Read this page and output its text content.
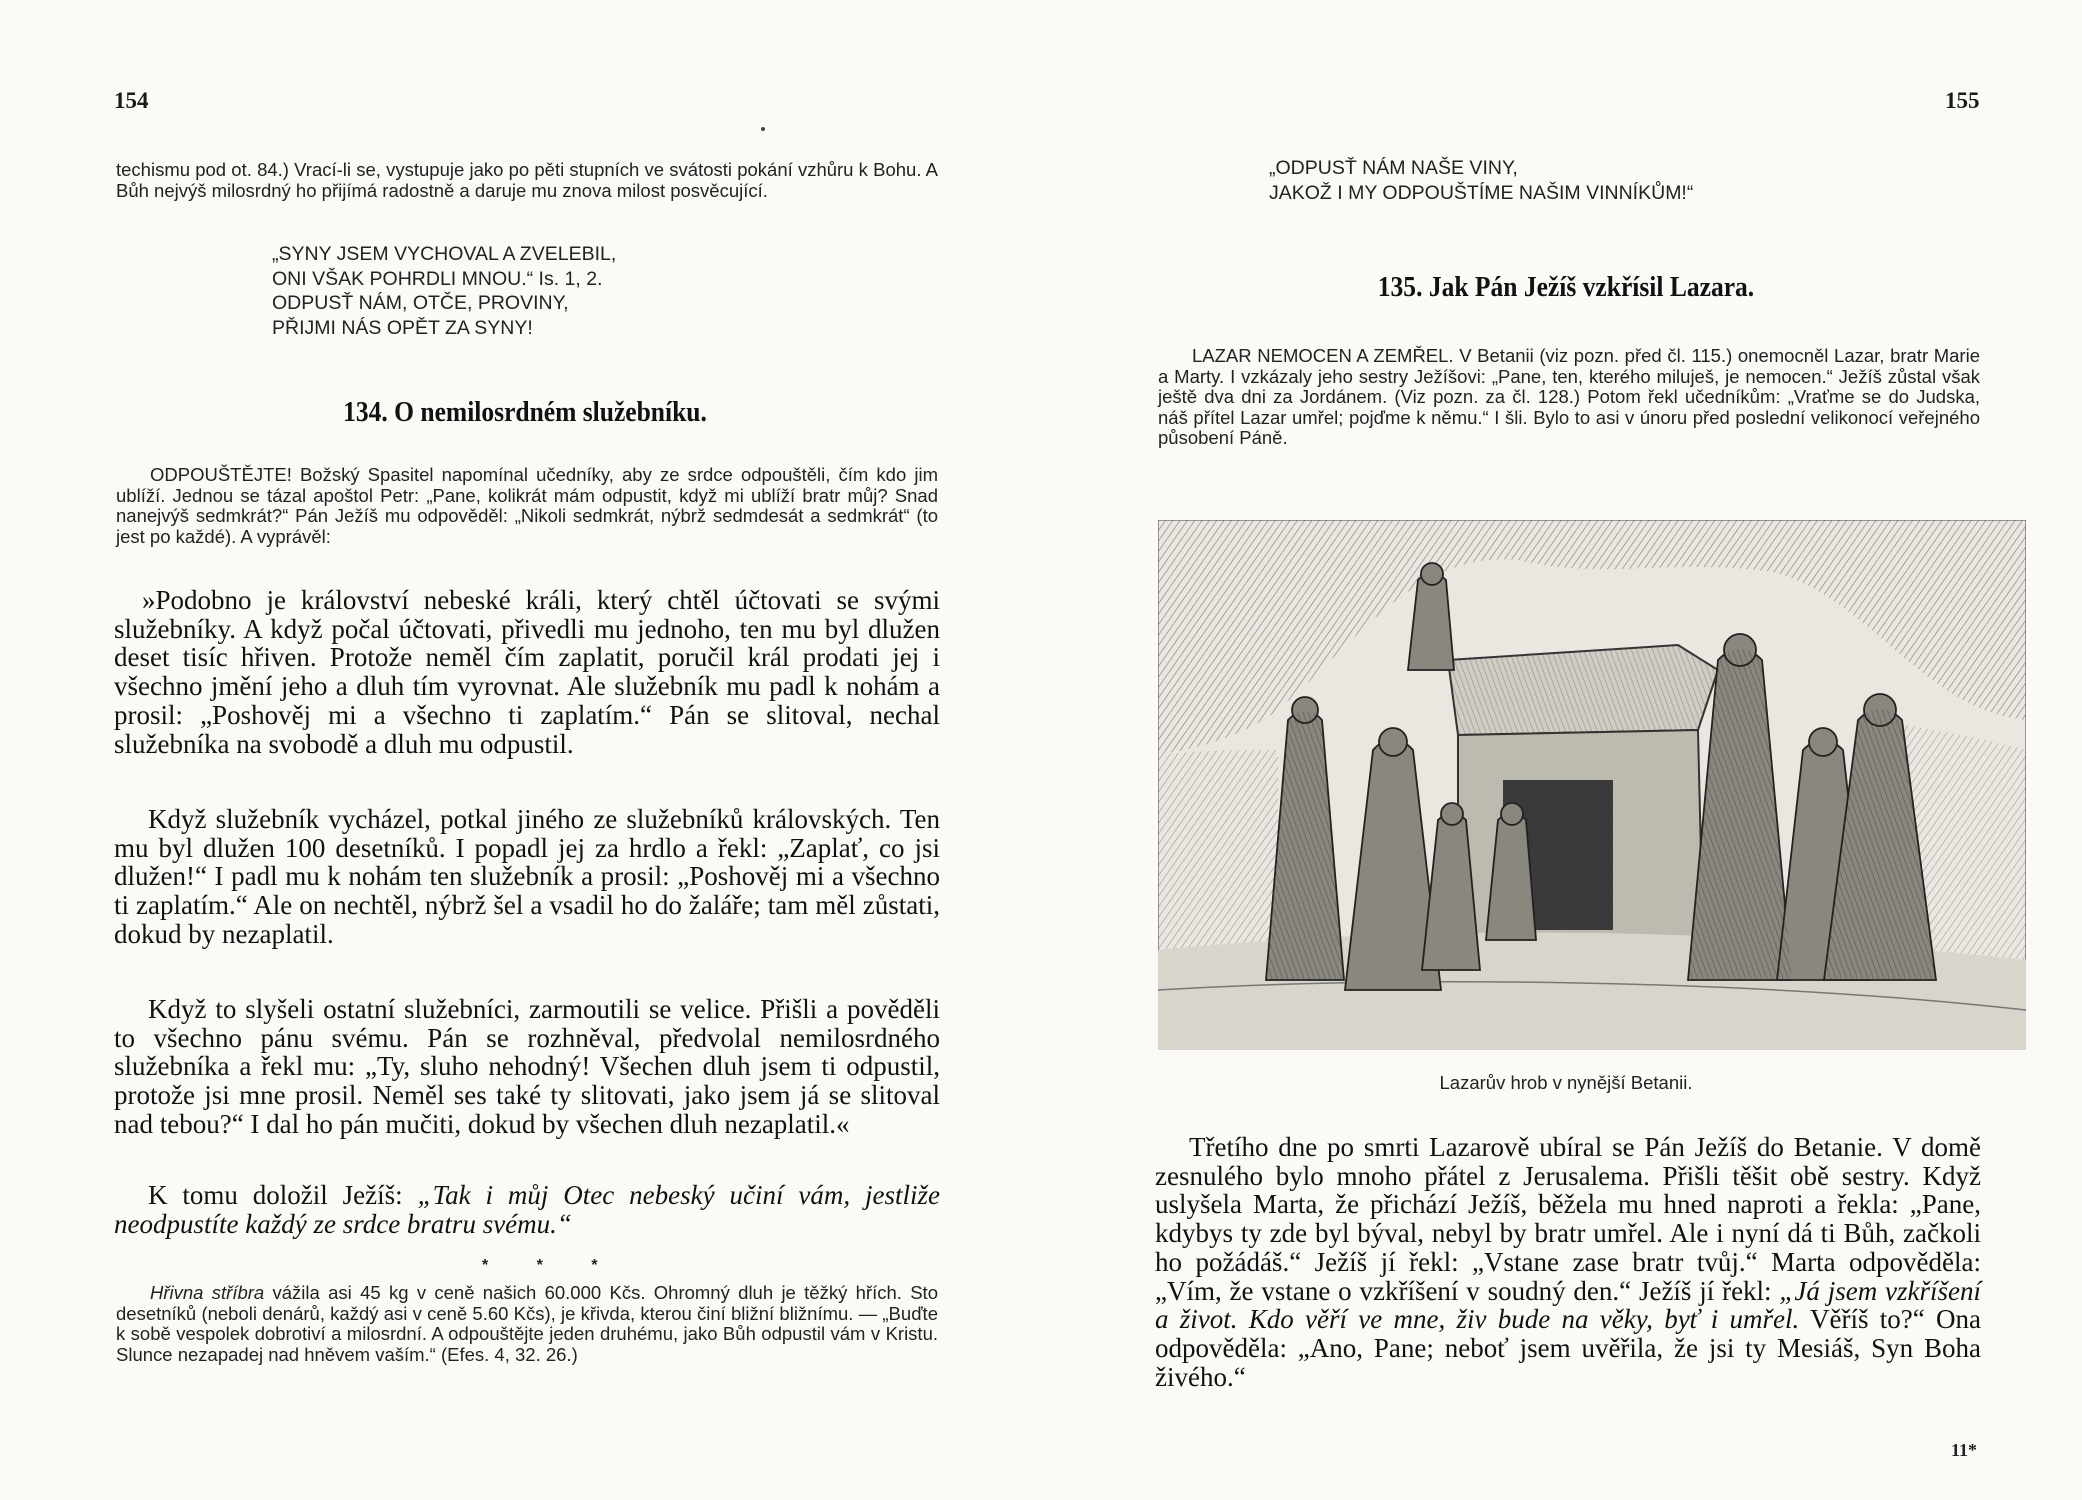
154

techismu pod ot. 84.) Vrací-li se, vystupuje jako po pěti stupních ve svátosti pokání vzhůru k Bohu. A Bůh nejvýš milosrdný ho přijímá radostně a daruje mu znova milost posvěcující.

„SYNY JSEM VYCHOVAL A ZVELEBIL,
ONI VŠAK POHRDLI MNOU.“ Is. 1, 2.
ODPUSŤ NÁM, OTČE, PROVINY,
PŘIJMI NÁS OPĚT ZA SYNY!
134. O nemilosrdném služebníku.

ODPOUŠTĚJTE! Božský Spasitel napomínal učedníky, aby ze srdce odpouštěli, čím kdo jim ublíží. Jednou se tázal apoštol Petr: „Pane, kolikrát mám odpustit, když mi ublíží bratr můj? Snad nanejvýš sedmkrát?“ Pán Ježíš mu odpověděl: „Nikoli sedmkrát, nýbrž sedmdesát a sedmkrát“ (to jest po každé). A vyprávěl:

»Podobno je království nebeské králi, který chtěl účtovati se svými služebníky. A když počal účtovati, přivedli mu jednoho, ten mu byl dlužen deset tisíc hřiven. Protože neměl čím zaplatit, poručil král prodati jej i všechno jmění jeho a dluh tím vyrovnat. Ale služebník mu padl k nohám a prosil: „Poshověj mi a všechno ti zaplatím.“ Pán se slitoval, nechal služebníka na svobodě a dluh mu odpustil.

Když služebník vycházel, potkal jiného ze služebníků královských. Ten mu byl dlužen 100 desetníků. I popadl jej za hrdlo a řekl: „Zaplať, co jsi dlužen!“ I padl mu k nohám ten služebník a prosil: „Poshověj mi a všechno ti zaplatím.“ Ale on nechtěl, nýbrž šel a vsadil ho do žaláře; tam měl zůstati, dokud by nezaplatil.

Když to slyšeli ostatní služebníci, zarmoutili se velice. Přišli a pověděli to všechno pánu svému. Pán se rozhněval, předvolal nemilosrdného služebníka a řekl mu: „Ty, sluho nehodný! Všechen dluh jsem ti odpustil, protože jsi mne prosil. Neměl ses také ty slitovati, jako jsem já se slitoval nad tebou?“ I dal ho pán mučiti, dokud by všechen dluh nezaplatil.«

K tomu doložil Ježíš: „Tak i můj Otec nebeský učiní vám, jestliže neodpustíte každý ze srdce bratru svému.“

* * *

Hřivna stříbra vážila asi 45 kg v ceně našich 60.000 Kčs. Ohromný dluh je těžký hřích. Sto desetníků (neboli denárů, každý asi v ceně 5.60 Kčs), je křivda, kterou činí bližní bližnímu. — „Buďte k sobě vespolek dobrotiví a milosrdní. A odpouštějte jeden druhému, jako Bůh odpustil vám v Kristu. Slunce nezapadej nad hněvem vaším.“ (Efes. 4, 32. 26.)

155
„ODPUSŤ NÁM NAŠE VINY,
JAKOŽ I MY ODPOUŠTÍME NAŠIM VINNÍKŮM!“
135. Jak Pán Ježíš vzkřísil Lazara.

LAZAR NEMOCEN A ZEMŘEL. V Betanii (viz pozn. před čl. 115.) onemocněl Lazar, bratr Marie a Marty. I vzkázaly jeho sestry Ježíšovi: „Pane, ten, kterého miluješ, je nemocen.“ Ježíš zůstal však ještě dva dni za Jordánem. (Viz pozn. za čl. 128.) Potom řekl učedníkům: „Vraťme se do Judska, náš přítel Lazar umřel; pojďme k němu.“ I šli. Bylo to asi v únoru před poslední velikonocí veřejného působení Páně.

Lazarův hrob v nynější Betanii.

Třetího dne po smrti Lazarově ubíral se Pán Ježíš do Betanie. V domě zesnulého bylo mnoho přátel z Jerusalema. Přišli těšit obě sestry. Když uslyšela Marta, že přichází Ježíš, běžela mu hned naproti a řekla: „Pane, kdybys ty zde byl býval, nebyl by bratr umřel. Ale i nyní dá ti Bůh, začkoli ho požádáš.“ Ježíš jí řekl: „Vstane zase bratr tvůj.“ Marta odpověděla: „Vím, že vstane o vzkříšení v soudný den.“ Ježíš jí řekl: „Já jsem vzkříšení a život. Kdo věří ve mne, živ bude na věky, byť i umřel. Věříš to?“ Ona odpověděla: „Ano, Pane; neboť jsem uvěřila, že jsi ty Mesiáš, Syn Boha živého.“

11*
